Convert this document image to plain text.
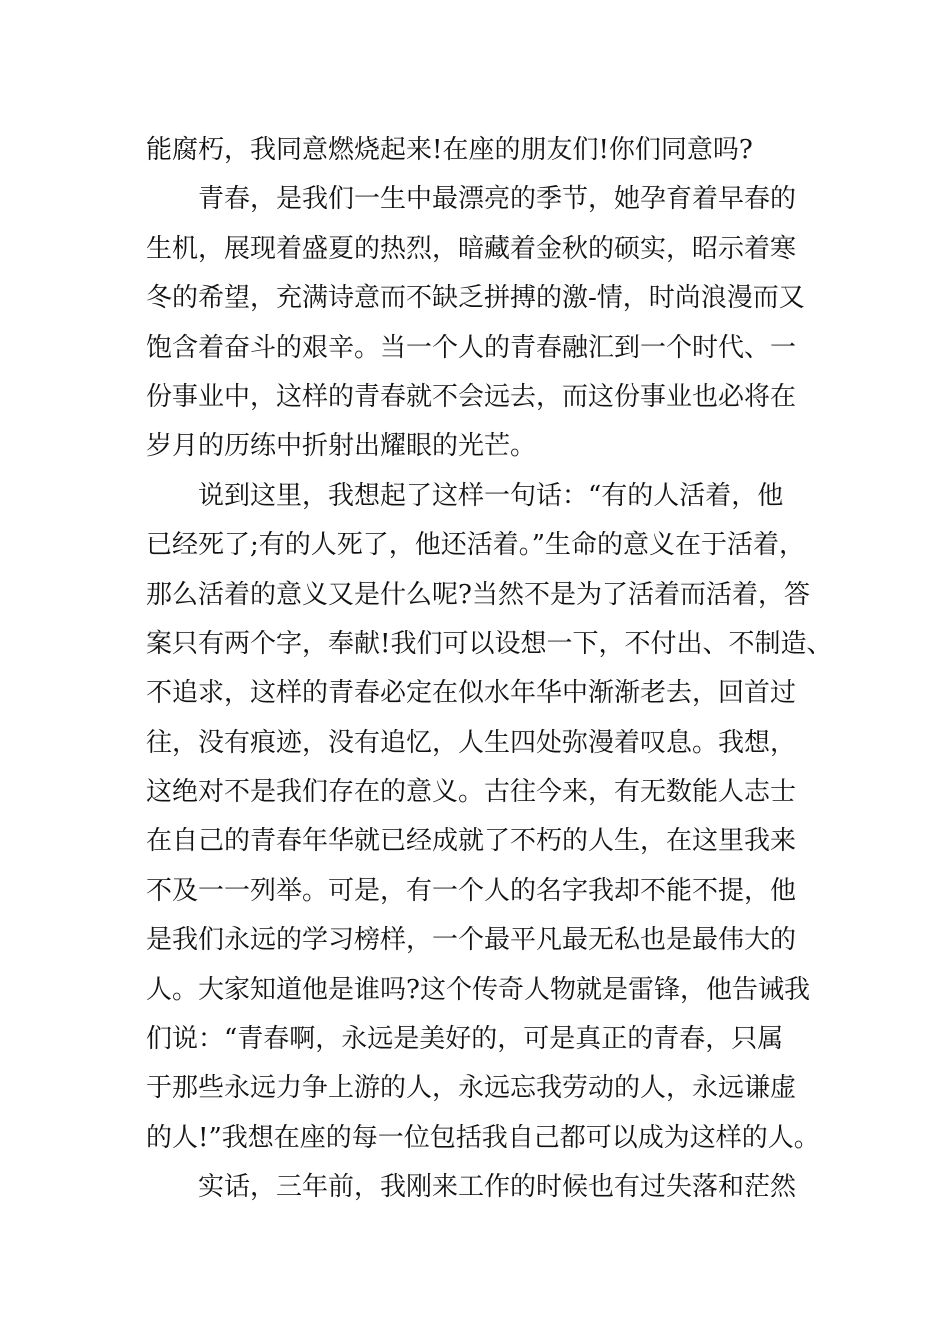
能腐朽，我同意燃烧起来!在座的朋友们!你们同意吗?
青春，是我们一生中最漂亮的季节，她孕育着早春的
生机，展现着盛夏的热烈，暗藏着金秋的硕实，昭示着寒
冬的希望，充满诗意而不缺乏拼搏的激-情，时尚浪漫而又
饱含着奋斗的艰辛。当一个人的青春融汇到一个时代、一
份事业中，这样的青春就不会远去，而这份事业也必将在
岁月的历练中折射出耀眼的光芒。
说到这里，我想起了这样一句话：“有的人活着，他
已经死了;有的人死了，他还活着。”生命的意义在于活着，
那么活着的意义又是什么呢?当然不是为了活着而活着，答
案只有两个字，奉献!我们可以设想一下，不付出、不制造、
不追求，这样的青春必定在似水年华中渐渐老去，回首过
往，没有痕迹，没有追忆，人生四处弥漫着叹息。我想，
这绝对不是我们存在的意义。古往今来，有无数能人志士
在自己的青春年华就已经成就了不朽的人生，在这里我来
不及一一列举。可是，有一个人的名字我却不能不提，他
是我们永远的学习榜样，一个最平凡最无私也是最伟大的
人。大家知道他是谁吗?这个传奇人物就是雷锋，他告诫我
们说：“青春啊，永远是美好的，可是真正的青春，只属
于那些永远力争上游的人，永远忘我劳动的人，永远谦虚
的人!”我想在座的每一位包括我自己都可以成为这样的人。
实话，三年前，我刚来工作的时候也有过失落和茫然
